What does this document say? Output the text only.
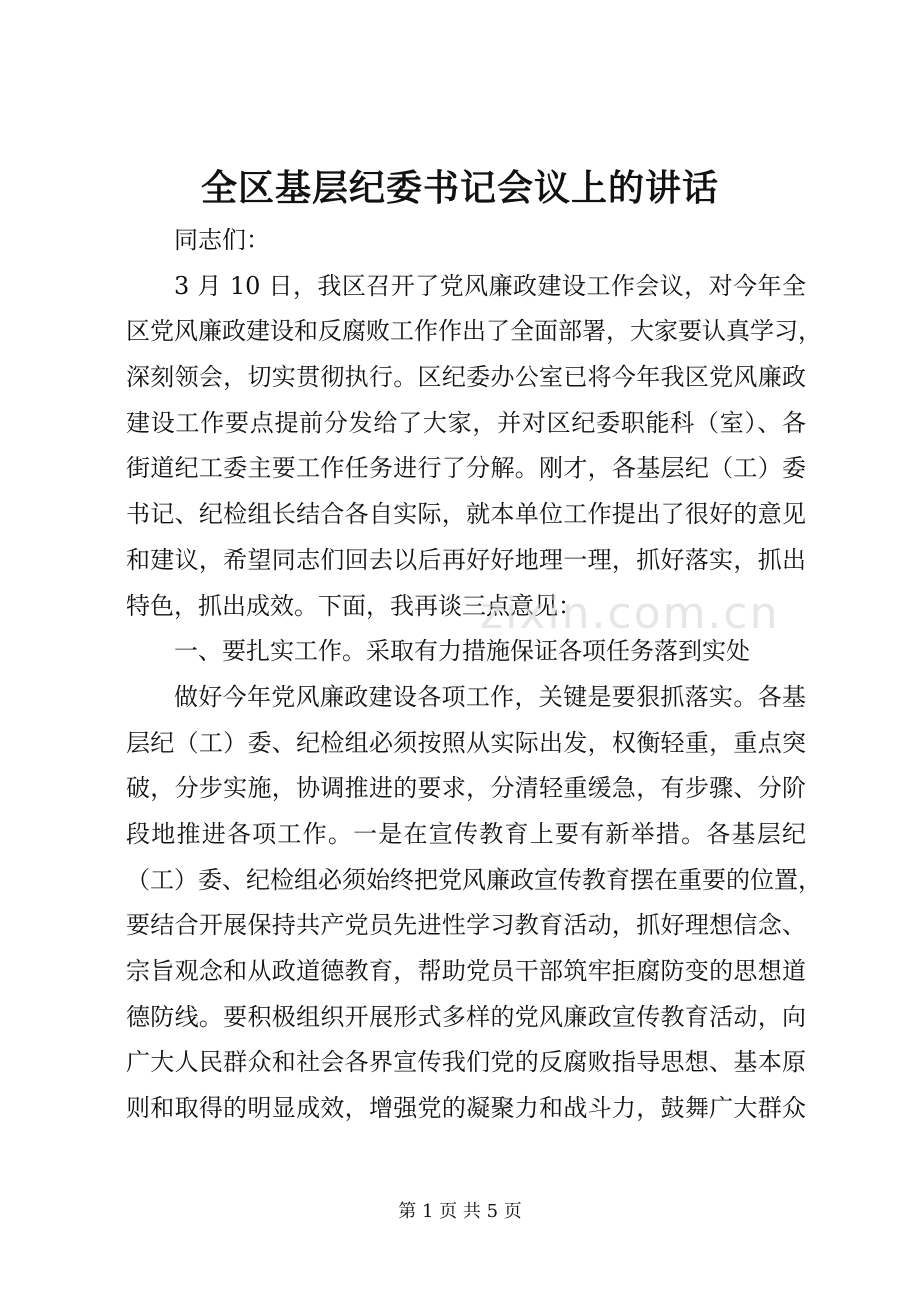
全区基层纪委书记会议上的讲话
同志们：
3 月 10 日，我区召开了党风廉政建设工作会议，对今年全
区党风廉政建设和反腐败工作作出了全面部署，大家要认真学习，
深刻领会，切实贯彻执行。区纪委办公室已将今年我区党风廉政
建设工作要点提前分发给了大家，并对区纪委职能科（室）、各
街道纪工委主要工作任务进行了分解。刚才，各基层纪（工）委
书记、纪检组长结合各自实际，就本单位工作提出了很好的意见
和建议，希望同志们回去以后再好好地理一理，抓好落实，抓出
特色，抓出成效。下面，我再谈三点意见：
一、要扎实工作。采取有力措施保证各项任务落到实处
做好今年党风廉政建设各项工作，关键是要狠抓落实。各基
层纪（工）委、纪检组必须按照从实际出发，权衡轻重，重点突
破，分步实施，协调推进的要求，分清轻重缓急，有步骤、分阶
段地推进各项工作。一是在宣传教育上要有新举措。各基层纪
（工）委、纪检组必须始终把党风廉政宣传教育摆在重要的位置，
要结合开展保持共产党员先进性学习教育活动，抓好理想信念、
宗旨观念和从政道德教育，帮助党员干部筑牢拒腐防变的思想道
德防线。要积极组织开展形式多样的党风廉政宣传教育活动，向
广大人民群众和社会各界宣传我们党的反腐败指导思想、基本原
则和取得的明显成效，增强党的凝聚力和战斗力，鼓舞广大群众
zixin.com.cn
第 1 页 共 5 页
